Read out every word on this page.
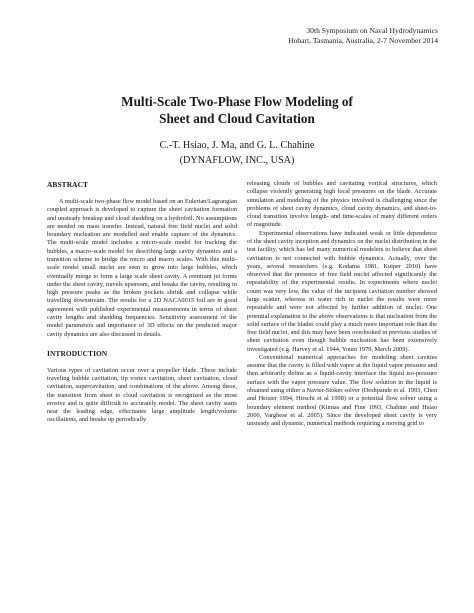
30th Symposium on Naval Hydrodynamics
Hobart, Tasmania, Australia, 2-7 November 2014
Multi-Scale Two-Phase Flow Modeling of
Sheet and Cloud Cavitation
C.-T. Hsiao, J. Ma, and G. L. Chahine
(DYNAFLOW, INC., USA)
ABSTRACT

A multi-scale two-phase flow model based on an Eulerian/Lagrangian coupled approach is developed to capture the sheet cavitation formation and unsteady breakup and cloud shedding on a hydrofoil. No assumptions are needed on mass transfer. Instead, natural free field nuclei and solid boundary nucleation are modelled and enable capture of the dynamics. The multi-scale model includes a micro-scale model for tracking the bubbles, a macro-scale model for describing large cavity dynamics and a transition scheme to bridge the micro and macro scales. With this multi-scale model small nuclei are seen to grow into large bubbles, which eventually merge to form a large scale sheet cavity. A reentrant jet forms under the sheet cavity, travels upstream, and breaks the cavity, resulting in high pressure peaks as the broken pockets shrink and collapse while travelling downstream. The results for a 2D NACA0015 foil are in good agreement with published experimental measurements in terms of sheet cavity lengths and shedding frequencies. Sensitivity assessment of the model parameters and importance of 3D effects on the predicted major cavity dynamics are also discussed in details.

INTRODUCTION

Various types of cavitation occur over a propeller blade. These include traveling bubble cavitation, tip vortex cavitation, sheet cavitation, cloud cavitation, supercavitation, and combinations of the above. Among these, the transition from sheet to cloud cavitation is recognized as the most erosive and is quite difficult to accurately model. The sheet cavity starts near the leading edge, effectuates large amplitude length/volume oscillations, and breaks up periodically

releasing clouds of bubbles and cavitating vortical structures, which collapse violently generating high local pressures on the blade. Accurate simulation and modeling of the physics involved is challenging since the problems of sheet cavity dynamics, cloud cavity dynamics, and sheet-to-cloud transition involve length- and time-scales of many different orders of magnitude.

Experimental observations have indicated weak or little dependence of the sheet cavity inception and dynamics on the nuclei distribution in the test facility, which has led many numerical modelers to believe that sheet cavitation is not connected with bubble dynamics. Actually, over the years, several researchers (e.g. Kodama 1981, Kuiper 2010) have observed that the presence of free field nuclei affected significantly the repeatability of the experimental results. In experiments where nuclei count was very low, the value of the incipient cavitation number showed large scatter, whereas in water rich in nuclei the results were more repeatable and were not affected by further addition of nuclei. One potential explanation to the above observations is that nucleation from the solid surface of the blades could play a much more important role than the free field nuclei, and this may have been overlooked in previous studies of sheet cavitation even though bubble nucleation has been extensively investigated (e.g. Harvey et al. 1944, Yount 1979, Merch 2009).

Conventional numerical approaches for modeling sheet cavities assume that the cavity is filled with vapor at the liquid vapor pressure and then arbitrarily define as a liquid-cavity interface the liquid iso-pressure surface with the vapor pressure value. The flow solution in the liquid is obtained using either a Navier-Stokes solver (Deshpande et al. 1993, Chen and Heister 1994, Hirschi et al 1998) or a potential flow solver using a boundary element method (Kinnas and Fine 1993, Chahine and Hsiao 2000, Varghese et al. 2005). Since the developed sheet cavity is very unsteady and dynamic, numerical methods requiring a moving grid to
